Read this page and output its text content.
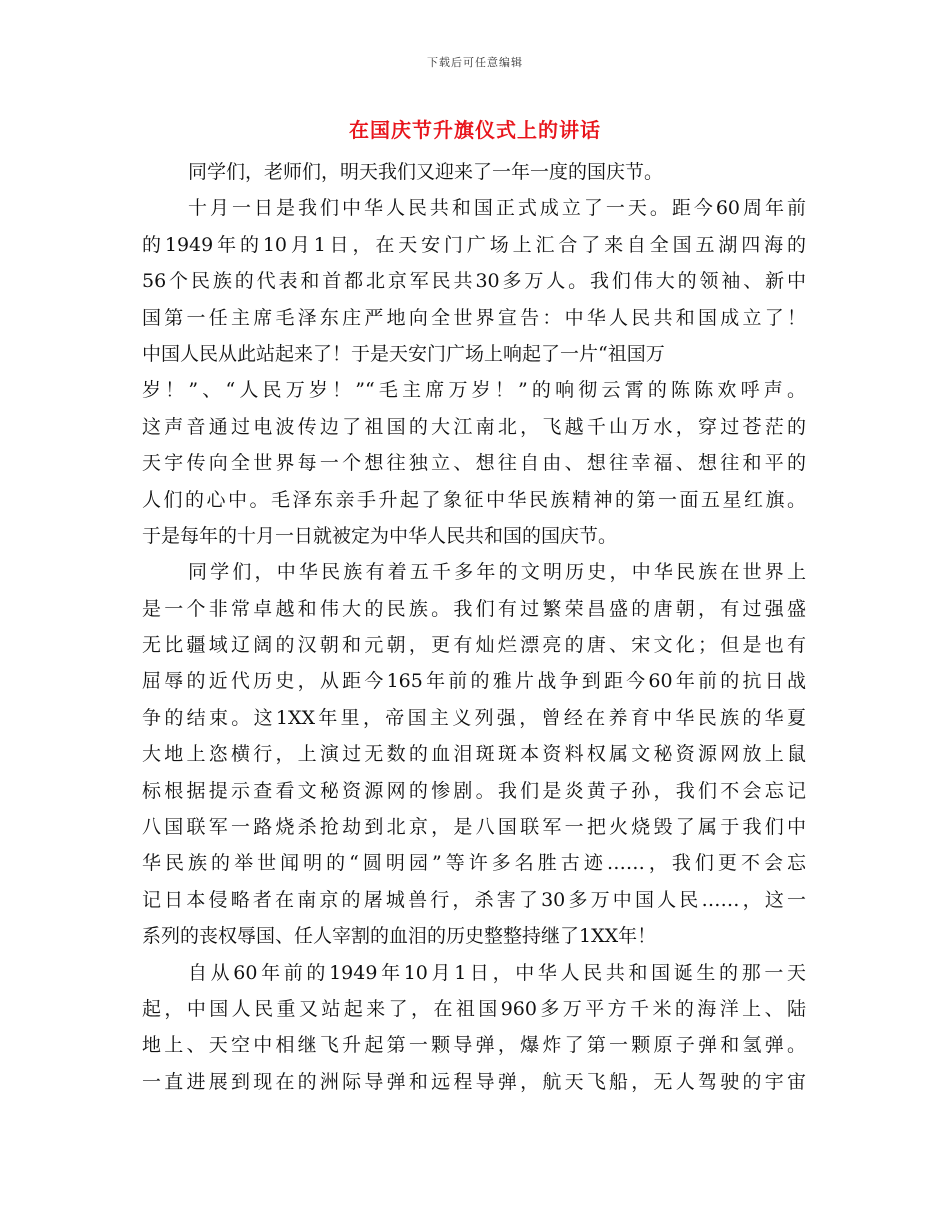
下载后可任意编辑
在国庆节升旗仪式上的讲话
同学们，老师们，明天我们又迎来了一年一度的国庆节。
十月一日是我们中华人民共和国正式成立了一天。距今60周年前
的1949年的10月1日，在天安门广场上汇合了来自全国五湖四海的
56个民族的代表和首都北京军民共30多万人。我们伟大的领袖、新中
国第一任主席毛泽东庄严地向全世界宣告：中华人民共和国成立了！
中国人民从此站起来了！于是天安门广场上响起了一片“祖国万
岁！”、“人民万岁！”“毛主席万岁！”的响彻云霄的陈陈欢呼声。
这声音通过电波传边了祖国的大江南北，飞越千山万水，穿过苍茫的
天宇传向全世界每一个想往独立、想往自由、想往幸福、想往和平的
人们的心中。毛泽东亲手升起了象征中华民族精神的第一面五星红旗。
于是每年的十月一日就被定为中华人民共和国的国庆节。
同学们，中华民族有着五千多年的文明历史，中华民族在世界上
是一个非常卓越和伟大的民族。我们有过繁荣昌盛的唐朝，有过强盛
无比疆域辽阔的汉朝和元朝，更有灿烂漂亮的唐、宋文化；但是也有
屈辱的近代历史，从距今165年前的雅片战争到距今60年前的抗日战
争的结束。这1XX年里，帝国主义列强，曾经在养育中华民族的华夏
大地上恣横行，上演过无数的血泪斑斑本资料权属文秘资源网放上鼠
标根据提示查看文秘资源网的惨剧。我们是炎黄子孙，我们不会忘记
八国联军一路烧杀抢劫到北京，是八国联军一把火烧毁了属于我们中
华民族的举世闻明的“圆明园”等许多名胜古迹……，我们更不会忘
记日本侵略者在南京的屠城兽行，杀害了30多万中国人民……，这一
系列的丧权辱国、任人宰割的血泪的历史整整持继了1XX年！
自从60年前的1949年10月1日，中华人民共和国诞生的那一天
起，中国人民重又站起来了，在祖国960多万平方千米的海洋上、陆
地上、天空中相继飞升起第一颗导弹，爆炸了第一颗原子弹和氢弹。
一直进展到现在的洲际导弹和远程导弹，航天飞船，无人驾驶的宇宙
